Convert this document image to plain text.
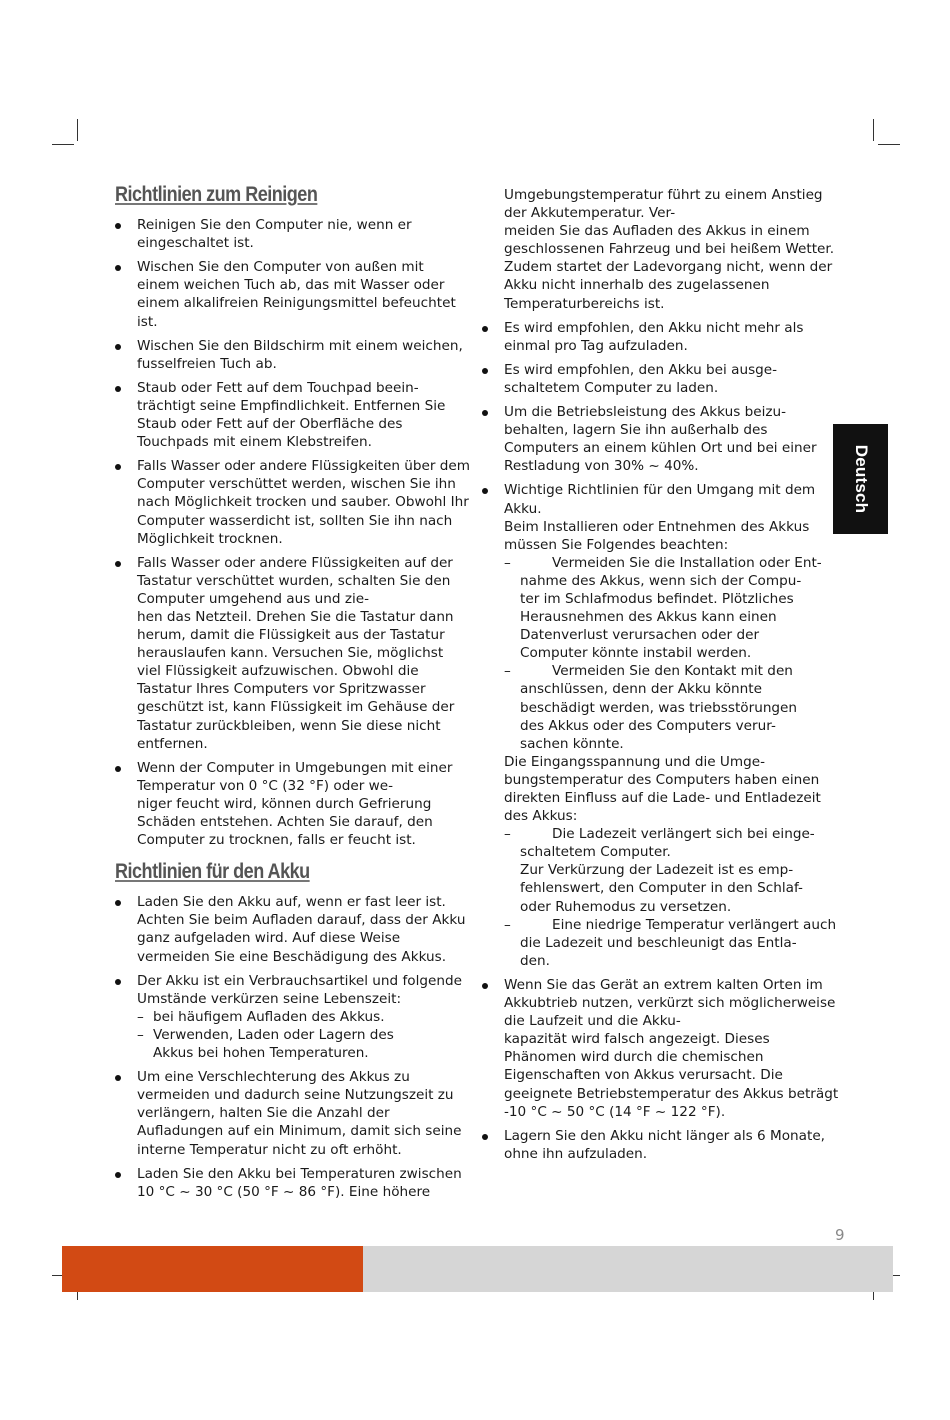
Richtlinien zum Reinigen
Reinigen Sie den Computer nie, wenn er
eingeschaltet ist.
Wischen Sie den Computer von außen mit
einem weichen Tuch ab, das mit Wasser oder
einem alkalifreien Reinigungsmittel befeuchtet
ist.
Wischen Sie den Bildschirm mit einem weichen,
fusselfreien Tuch ab.
Staub oder Fett auf dem Touchpad beein-
trächtigt seine Empfindlichkeit. Entfernen Sie
Staub oder Fett auf der Oberfläche des
Touchpads mit einem Klebstreifen.
Falls Wasser oder andere Flüssigkeiten über dem
Computer verschüttet werden, wischen Sie ihn
nach Möglichkeit trocken und sauber. Obwohl Ihr
Computer wasserdicht ist, sollten Sie ihn nach
Möglichkeit trocknen.
Falls Wasser oder andere Flüssigkeiten auf der
Tastatur verschüttet wurden, schalten Sie den
Computer umgehend aus und zie-
hen das Netzteil. Drehen Sie die Tastatur dann
herum, damit die Flüssigkeit aus der Tastatur
herauslaufen kann. Versuchen Sie, möglichst
viel Flüssigkeit aufzuwischen. Obwohl die
Tastatur Ihres Computers vor Spritzwasser
geschützt ist, kann Flüssigkeit im Gehäuse der
Tastatur zurückbleiben, wenn Sie diese nicht
entfernen.
Wenn der Computer in Umgebungen mit einer
Temperatur von 0 °C (32 °F) oder we-
niger feucht wird, können durch Gefrierung
Schäden entstehen. Achten Sie darauf, den
Computer zu trocknen, falls er feucht ist.
Richtlinien für den Akku
Laden Sie den Akku auf, wenn er fast leer ist.
Achten Sie beim Aufladen darauf, dass der Akku
ganz aufgeladen wird. Auf diese Weise
vermeiden Sie eine Beschädigung des Akkus.
Der Akku ist ein Verbrauchsartikel und folgende
Umstände verkürzen seine Lebenszeit:
– bei häufigem Aufladen des Akkus.
– Verwenden, Laden oder Lagern des
Akkus bei hohen Temperaturen.
Um eine Verschlechterung des Akkus zu
vermeiden und dadurch seine Nutzungszeit zu
verlängern, halten Sie die Anzahl der
Aufladungen auf ein Minimum, damit sich seine
interne Temperatur nicht zu oft erhöht.
Laden Sie den Akku bei Temperaturen zwischen
10 °C ~ 30 °C (50 °F ~ 86 °F). Eine höhere
Umgebungstemperatur führt zu einem Anstieg
der Akkutemperatur. Ver-
meiden Sie das Aufladen des Akkus in einem
geschlossenen Fahrzeug und bei heißem Wetter.
Zudem startet der Ladevorgang nicht, wenn der
Akku nicht innerhalb des zugelassenen
Temperaturbereichs ist.
Es wird empfohlen, den Akku nicht mehr als
einmal pro Tag aufzuladen.
Es wird empfohlen, den Akku bei ausge-
schaltetem Computer zu laden.
Um die Betriebsleistung des Akkus beizu-
behalten, lagern Sie ihn außerhalb des
Computers an einem kühlen Ort und bei einer
Restladung von 30% ~ 40%.
Wichtige Richtlinien für den Umgang mit dem
Akku.
Beim Installieren oder Entnehmen des Akkus
müssen Sie Folgendes beachten:
–	Vermeiden Sie die Installation oder Ent-
nahme des Akkus, wenn sich der Compu-
ter im Schlafmodus befindet. Plötzliches
Herausnehmen des Akkus kann einen
Datenverlust verursachen oder der
Computer könnte instabil werden.
–	Vermeiden Sie den Kontakt mit den
anschlüssen, denn der Akku könnte
beschädigt werden, was triebsstörungen
des Akkus oder des Computers verur-
sachen könnte.
Die Eingangsspannung und die Umge-
bungstemperatur des Computers haben einen
direkten Einfluss auf die Lade- und Entladezeit
des Akkus:
–	Die Ladezeit verlängert sich bei einge-
schaltetem Computer.
Zur Verkürzung der Ladezeit ist es emp-
fehlenswert, den Computer in den Schlaf-
oder Ruhemodus zu versetzen.
–	Eine niedrige Temperatur verlängert auch
die Ladezeit und beschleunigt das Entla-
den.
Wenn Sie das Gerät an extrem kalten Orten im
Akkubtrieb nutzen, verkürzt sich möglicherweise
die Laufzeit und die Akku-
kapazität wird falsch angezeigt. Dieses
Phänomen wird durch die chemischen
Eigenschaften von Akkus verursacht. Die
geeignete Betriebstemperatur des Akkus beträgt
-10 °C ~ 50 °C (14 °F ~ 122 °F).
Lagern Sie den Akku nicht länger als 6 Monate,
ohne ihn aufzuladen.
Deutsch
9
